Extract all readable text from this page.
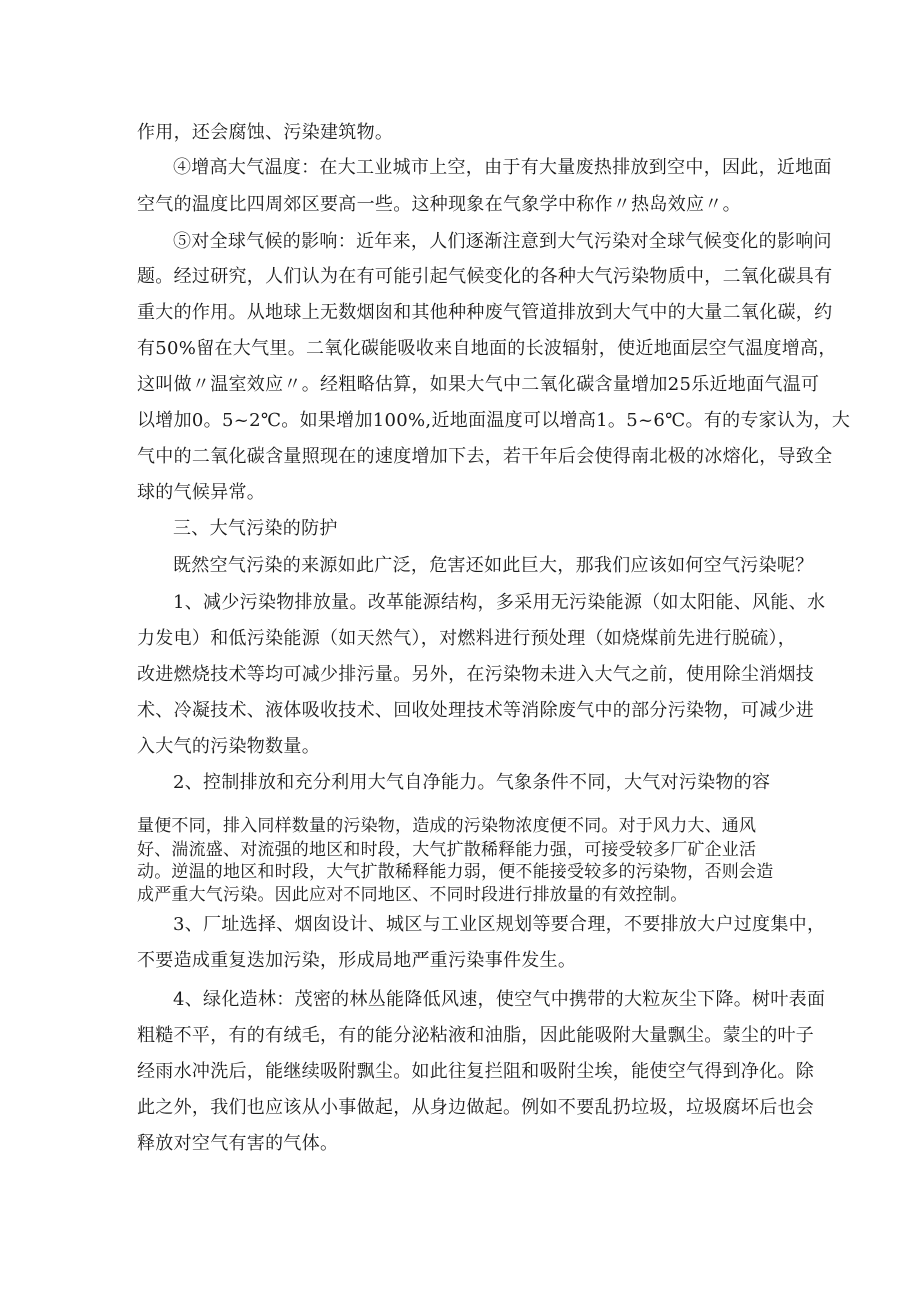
作用，还会腐蚀、污染建筑物。
④增高大气温度：在大工业城市上空，由于有大量废热排放到空中，因此，近地面
空气的温度比四周郊区要高一些。这种现象在气象学中称作〃热岛效应〃。
⑤对全球气候的影响：近年来，人们逐渐注意到大气污染对全球气候变化的影响问
题。经过研究，人们认为在有可能引起气候变化的各种大气污染物质中，二氧化碳具有
重大的作用。从地球上无数烟囱和其他种种废气管道排放到大气中的大量二氧化碳，约
有50%留在大气里。二氧化碳能吸收来自地面的长波辐射，使近地面层空气温度增高，
这叫做〃温室效应〃。经粗略估算，如果大气中二氧化碳含量增加25乐近地面气温可
以增加0。5~2℃。如果增加100%,近地面温度可以增高1。5~6℃。有的专家认为，大
气中的二氧化碳含量照现在的速度增加下去，若干年后会使得南北极的冰熔化，导致全
球的气候异常。
三、大气污染的防护
既然空气污染的来源如此广泛，危害还如此巨大，那我们应该如何空气污染呢？
1、减少污染物排放量。改革能源结构，多采用无污染能源（如太阳能、风能、水
力发电）和低污染能源（如天然气），对燃料进行预处理（如烧煤前先进行脱硫），
改进燃烧技术等均可减少排污量。另外，在污染物未进入大气之前，使用除尘消烟技
术、冷凝技术、液体吸收技术、回收处理技术等消除废气中的部分污染物，可减少进
入大气的污染物数量。
2、控制排放和充分利用大气自净能力。气象条件不同，大气对污染物的容
量便不同，排入同样数量的污染物，造成的污染物浓度便不同。对于风力大、通风
好、湍流盛、对流强的地区和时段，大气扩散稀释能力强，可接受较多厂矿企业活
动。逆温的地区和时段，大气扩散稀释能力弱，便不能接受较多的污染物，否则会造
成严重大气污染。因此应对不同地区、不同时段进行排放量的有效控制。
3、厂址选择、烟囱设计、城区与工业区规划等要合理，不要排放大户过度集中，
不要造成重复迭加污染，形成局地严重污染事件发生。
4、绿化造林：茂密的林丛能降低风速，使空气中携带的大粒灰尘下降。树叶表面
粗糙不平，有的有绒毛，有的能分泌粘液和油脂，因此能吸附大量飘尘。蒙尘的叶子
经雨水冲洗后，能继续吸附飘尘。如此往复拦阻和吸附尘埃，能使空气得到净化。除
此之外，我们也应该从小事做起，从身边做起。例如不要乱扔垃圾，垃圾腐坏后也会
释放对空气有害的气体。
